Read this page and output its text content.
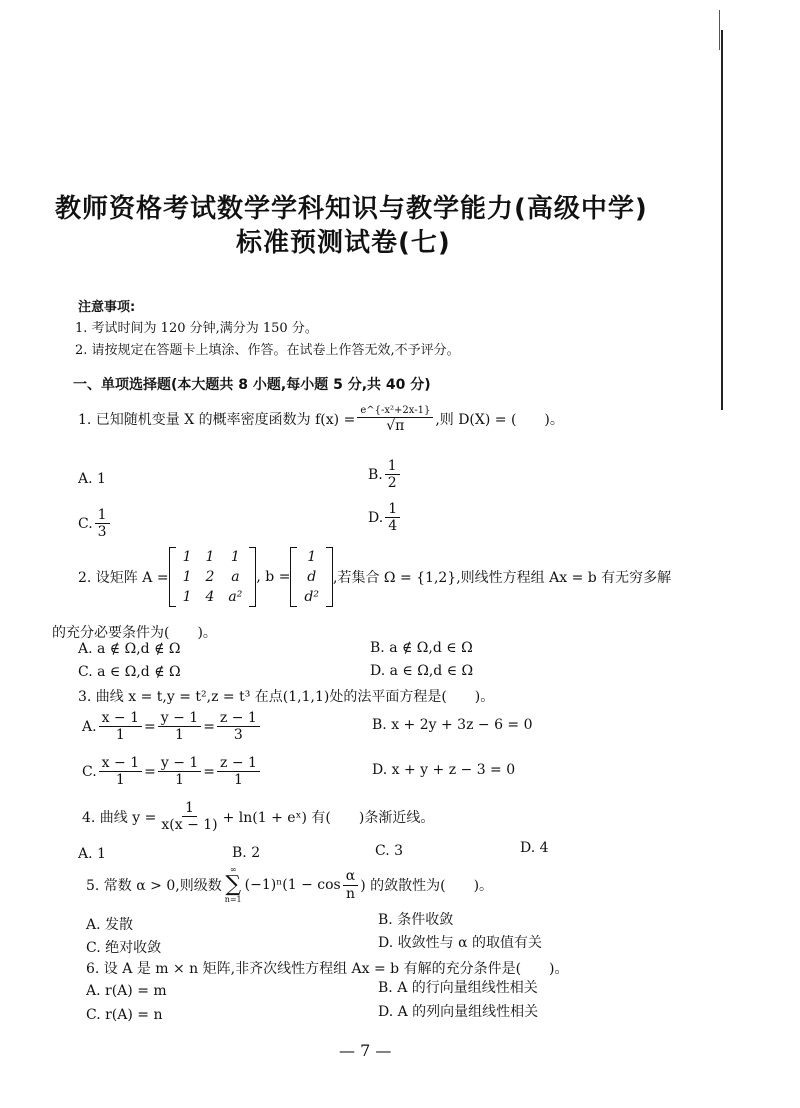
教师资格考试数学学科知识与教学能力(高级中学)
标准预测试卷(七)
注意事项:
1. 考试时间为 120 分钟,满分为 150 分。
2. 请按规定在答题卡上填涂、作答。在试卷上作答无效,不予评分。
一、单项选择题(本大题共 8 小题,每小题 5 分,共 40 分)
1. 已知随机变量 X 的概率密度函数为 $f(x) = \frac{\text{e\textasciicircum{}\{-x²+2x-1\}}}{√\pi}$ ,则 D(X) = (　　)。
A. 1	B. $\frac{1}{2}$
C. $\frac{1}{3}$	D. $\frac{1}{4}$
2. 设矩阵 A =
1	1	1
1	2	a
1	4	a²
, b =
1
d
d²
,若集合 Ω = {1,2},则线性方程组 Ax = b 有无穷多解
的充分必要条件为(　　)。
A. a ∉ Ω,d ∉ Ω	B. a ∉ Ω,d ∈ Ω
C. a ∈ Ω,d ∉ Ω	D. a ∈ Ω,d ∈ Ω
3. 曲线 x = t,y = t²,z = t³ 在点(1,1,1)处的法平面方程是(　　)。
A. $\frac{x - 1}{1} = \frac{y - 1}{1} = \frac{z - 1}{3}$	B. x + 2y + 3z − 6 = 0
C. $\frac{x - 1}{1} = \frac{y - 1}{1} = \frac{z - 1}{1}$	D. x + y + z − 3 = 0
4. 曲线 $y = \frac{1}{x(x - 1)} + \ln(1$ + eˣ) 有(　　)条渐近线。
A. 1	B. 2	C. 3	D. 4
5. 常数 α > 0,则级数
∞
∑
n=1
$(-1)^n(1 - \cos \frac{\alpha}{n}$ ) 的敛散性为(　　)。
A. 发散	B. 条件收敛
C. 绝对收敛	D. 收敛性与 α 的取值有关
6. 设 A 是 m × n 矩阵,非齐次线性方程组 Ax = b 有解的充分条件是(　　)。
A. r(A) = m	B. A 的行向量组线性相关
C. r(A) = n	D. A 的列向量组线性相关
— 7 —
